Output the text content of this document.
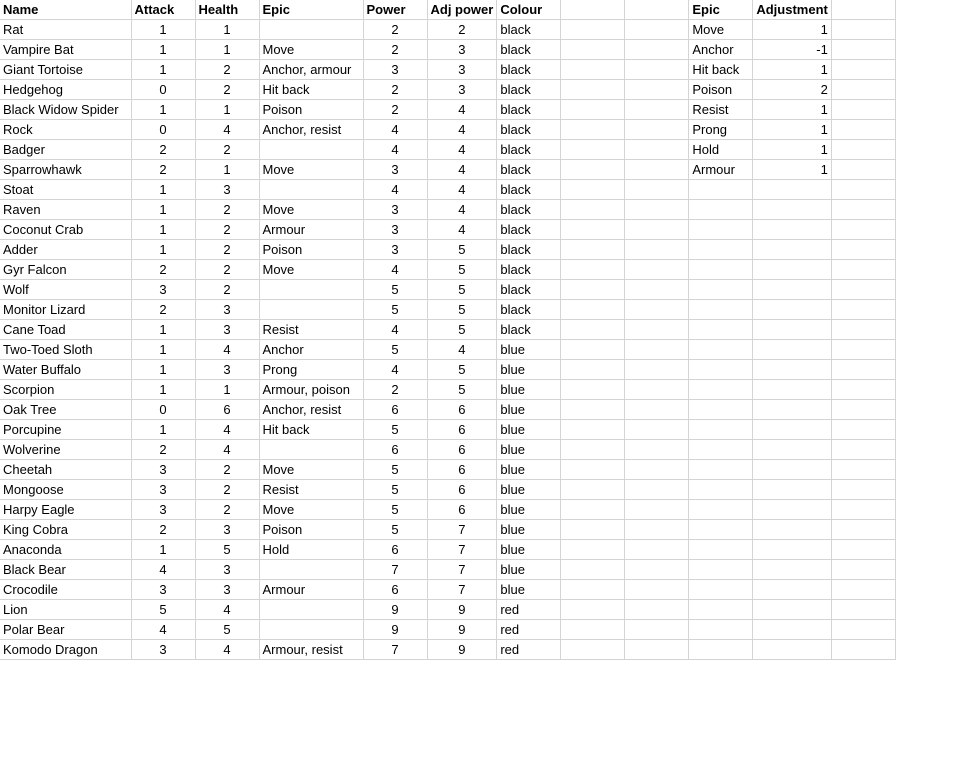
Name	Attack	Health	Epic	Power	Adj power	Colour			Epic	Adjustment	
Rat	1	1		2	2	black			Move	1	
Vampire Bat	1	1	Move	2	3	black			Anchor	-1	
Giant Tortoise	1	2	Anchor, armour	3	3	black			Hit back	1	
Hedgehog	0	2	Hit back	2	3	black			Poison	2	
Black Widow Spider	1	1	Poison	2	4	black			Resist	1	
Rock	0	4	Anchor, resist	4	4	black			Prong	1	
Badger	2	2		4	4	black			Hold	1	
Sparrowhawk	2	1	Move	3	4	black			Armour	1	
Stoat	1	3		4	4	black					
Raven	1	2	Move	3	4	black					
Coconut Crab	1	2	Armour	3	4	black					
Adder	1	2	Poison	3	5	black					
Gyr Falcon	2	2	Move	4	5	black					
Wolf	3	2		5	5	black					
Monitor Lizard	2	3		5	5	black					
Cane Toad	1	3	Resist	4	5	black					
Two-Toed Sloth	1	4	Anchor	5	4	blue					
Water Buffalo	1	3	Prong	4	5	blue					
Scorpion	1	1	Armour, poison	2	5	blue					
Oak Tree	0	6	Anchor, resist	6	6	blue					
Porcupine	1	4	Hit back	5	6	blue					
Wolverine	2	4		6	6	blue					
Cheetah	3	2	Move	5	6	blue					
Mongoose	3	2	Resist	5	6	blue					
Harpy Eagle	3	2	Move	5	6	blue					
King Cobra	2	3	Poison	5	7	blue					
Anaconda	1	5	Hold	6	7	blue					
Black Bear	4	3		7	7	blue					
Crocodile	3	3	Armour	6	7	blue					
Lion	5	4		9	9	red					
Polar Bear	4	5		9	9	red					
Komodo Dragon	3	4	Armour, resist	7	9	red					
